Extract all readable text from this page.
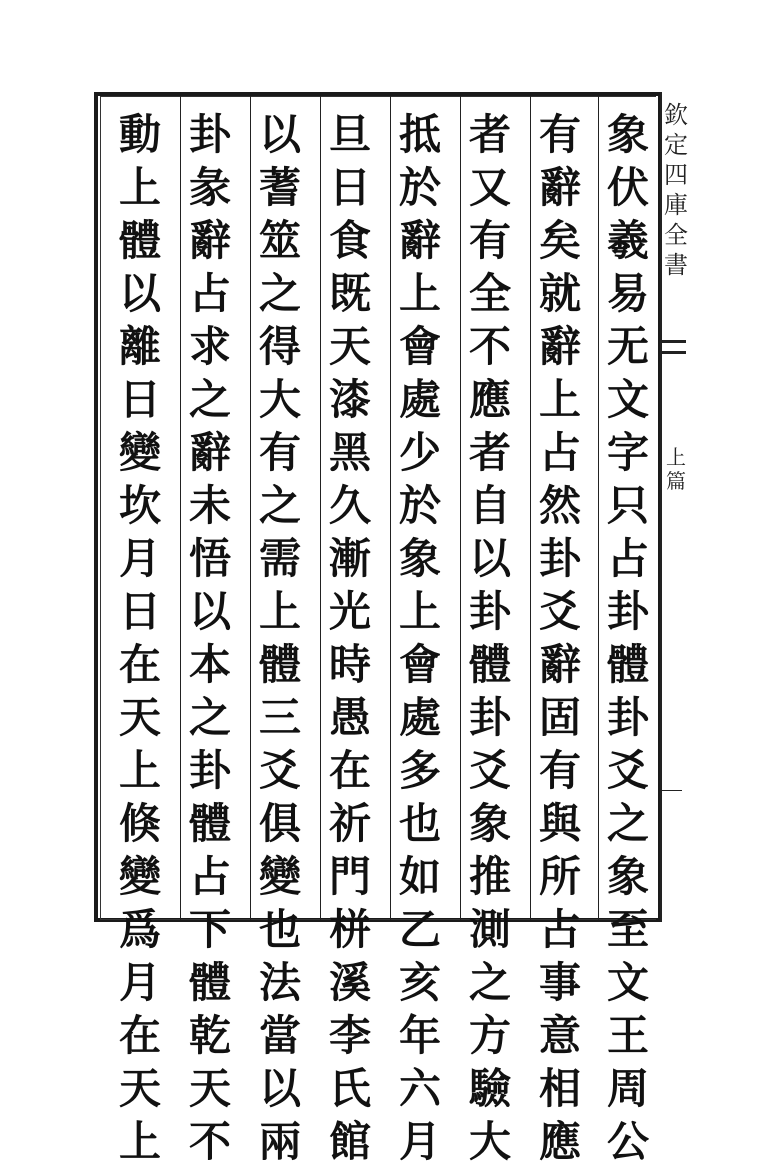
象
伏
羲
易
无
文
字
只
占
卦
體
卦
爻
之
象
至
文
王
周
公
有
辭
矣
就
辭
上
占
然
卦
爻
辭
固
有
與
所
占
事
意
相
應
者
又
有
全
不
應
者
自
以
卦
體
卦
爻
象
推
測
之
方
驗
大
抵
於
辭
上
會
處
少
於
象
上
會
處
多
也
如
乙
亥
年
六
月
旦
日
食
既
天
漆
黑
久
漸
光
時
愚
在
祈
門
栟
溪
李
氏
館
以
蓍
筮
之
得
大
有
之
需
上
體
三
爻
俱
變
也
法
當
以
兩
卦
彖
辭
占
求
之
辭
未
悟
以
本
之
卦
體
占
下
體
乾
天
不
動
上
體
以
離
日
變
坎
月
日
在
天
上
倏
變
爲
月
在
天
上
欽
定
四
庫
全
書
上
篇
